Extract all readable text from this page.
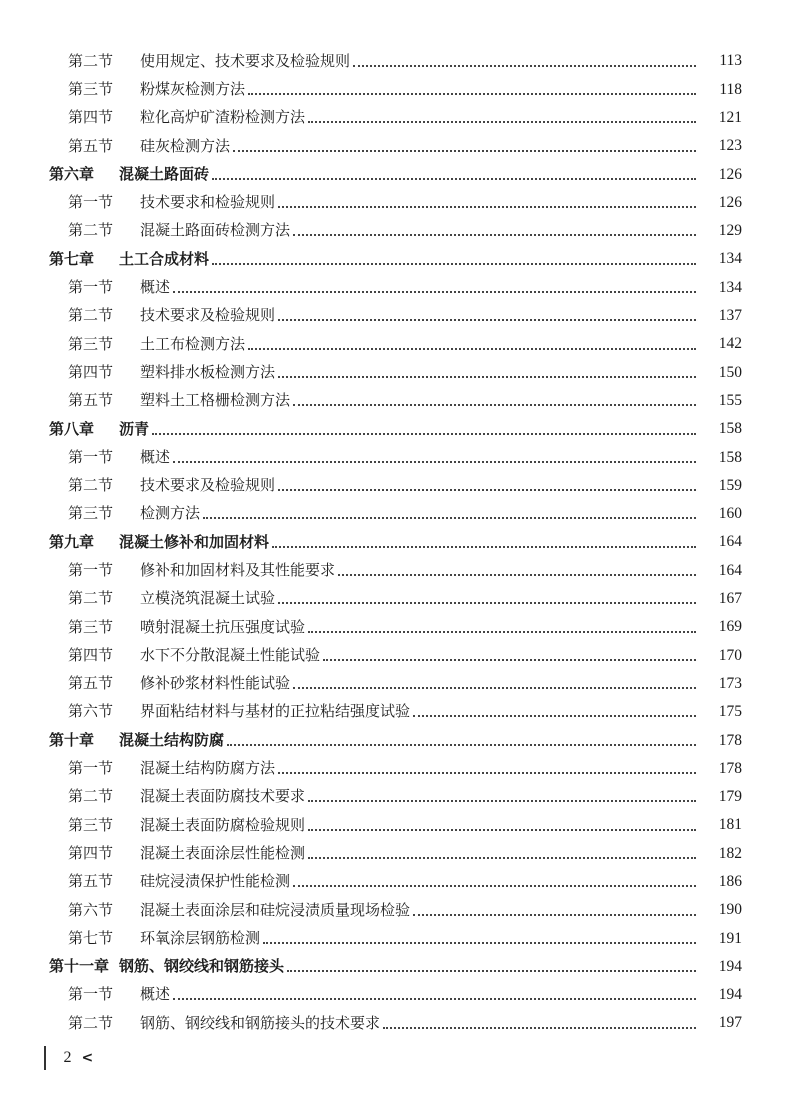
第二节	使用规定、技术要求及检验规则	113
第三节	粉煤灰检测方法	118
第四节	粒化高炉矿渣粉检测方法	121
第五节	硅灰检测方法	123
第六章	混凝土路面砖	126
第一节	技术要求和检验规则	126
第二节	混凝土路面砖检测方法	129
第七章	土工合成材料	134
第一节	概述	134
第二节	技术要求及检验规则	137
第三节	土工布检测方法	142
第四节	塑料排水板检测方法	150
第五节	塑料土工格栅检测方法	155
第八章	沥青	158
第一节	概述	158
第二节	技术要求及检验规则	159
第三节	检测方法	160
第九章	混凝土修补和加固材料	164
第一节	修补和加固材料及其性能要求	164
第二节	立模浇筑混凝土试验	167
第三节	喷射混凝土抗压强度试验	169
第四节	水下不分散混凝土性能试验	170
第五节	修补砂浆材料性能试验	173
第六节	界面粘结材料与基材的正拉粘结强度试验	175
第十章	混凝土结构防腐	178
第一节	混凝土结构防腐方法	178
第二节	混凝土表面防腐技术要求	179
第三节	混凝土表面防腐检验规则	181
第四节	混凝土表面涂层性能检测	182
第五节	硅烷浸渍保护性能检测	186
第六节	混凝土表面涂层和硅烷浸渍质量现场检验	190
第七节	环氧涂层钢筋检测	191
第十一章 钢筋、钢绞线和钢筋接头	194
第一节	概述	194
第二节	钢筋、钢绞线和钢筋接头的技术要求	197
2 <
